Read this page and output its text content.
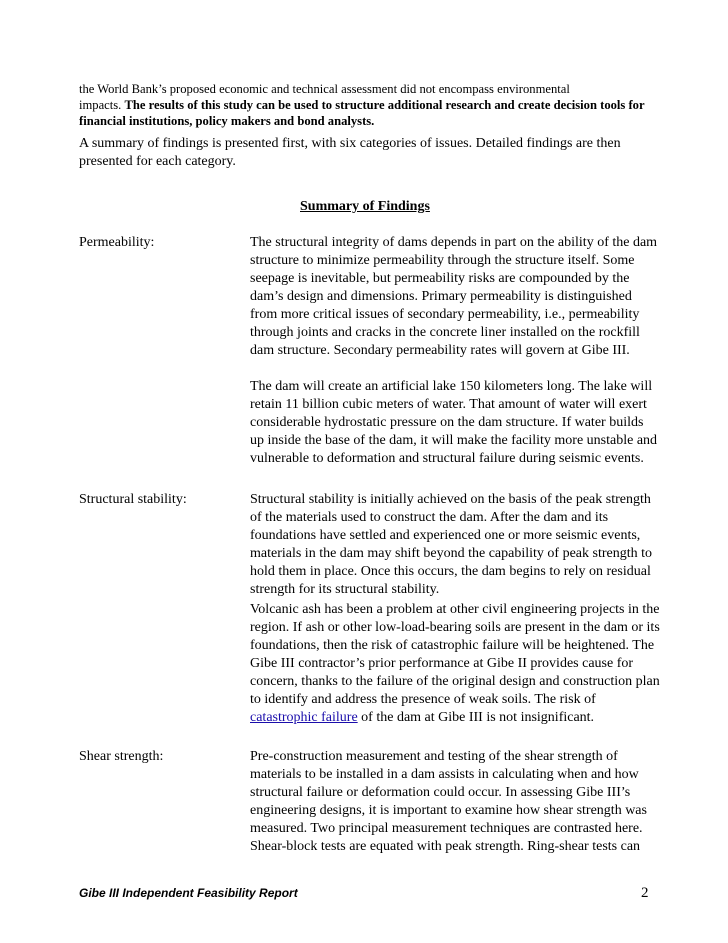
the World Bank’s proposed economic and technical assessment did not encompass environmental
impacts. The results of this study can be used to structure additional research and create decision tools for financial institutions, policy makers and bond analysts.
A summary of findings is presented first, with six categories of issues. Detailed findings are then presented for each category.
Summary of Findings
Permeability:	The structural integrity of dams depends in part on the ability of the dam structure to minimize permeability through the structure itself. Some seepage is inevitable, but permeability risks are compounded by the dam’s design and dimensions. Primary permeability is distinguished from more critical issues of secondary permeability, i.e., permeability through joints and cracks in the concrete liner installed on the rockfill dam structure. Secondary permeability rates will govern at Gibe III.
The dam will create an artificial lake 150 kilometers long. The lake will retain 11 billion cubic meters of water. That amount of water will exert considerable hydrostatic pressure on the dam structure. If water builds up inside the base of the dam, it will make the facility more unstable and vulnerable to deformation and structural failure during seismic events.
Structural stability:	Structural stability is initially achieved on the basis of the peak strength of the materials used to construct the dam. After the dam and its foundations have settled and experienced one or more seismic events, materials in the dam may shift beyond the capability of peak strength to hold them in place. Once this occurs, the dam begins to rely on residual strength for its structural stability.
Volcanic ash has been a problem at other civil engineering projects in the region. If ash or other low-load-bearing soils are present in the dam or its foundations, then the risk of catastrophic failure will be heightened. The Gibe III contractor’s prior performance at Gibe II provides cause for concern, thanks to the failure of the original design and construction plan to identify and address the presence of weak soils. The risk of catastrophic failure of the dam at Gibe III is not insignificant.
Shear strength:	Pre-construction measurement and testing of the shear strength of materials to be installed in a dam assists in calculating when and how structural failure or deformation could occur. In assessing Gibe III’s engineering designs, it is important to examine how shear strength was measured. Two principal measurement techniques are contrasted here. Shear-block tests are equated with peak strength. Ring-shear tests can
Gibe III Independent Feasibility Report	2
